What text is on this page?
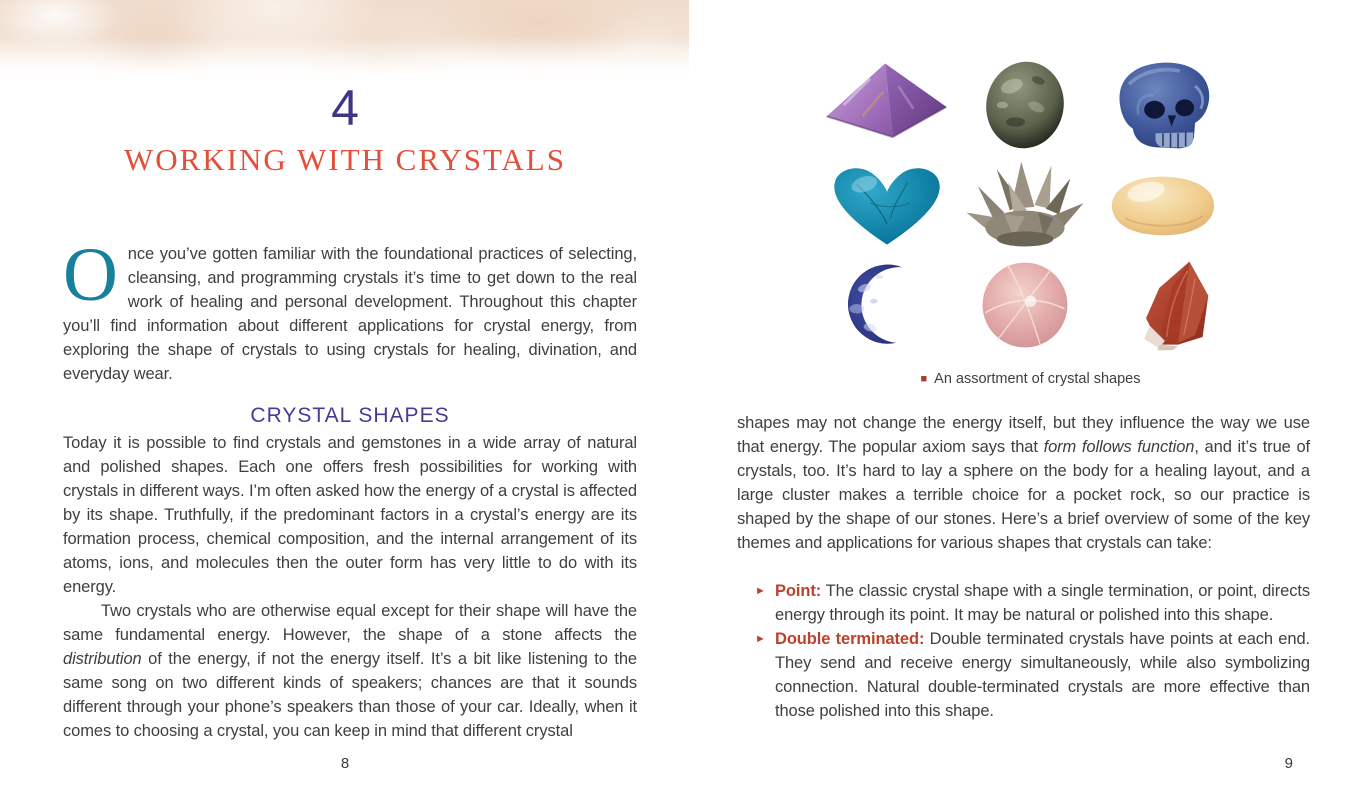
4
WORKING WITH CRYSTALS

Once you’ve gotten familiar with the foundational practices of selecting, cleansing, and programming crystals it’s time to get down to the real work of healing and personal development. Throughout this chapter you’ll find information about different applications for crystal energy, from exploring the shape of crystals to using crystals for healing, divination, and everyday wear.

CRYSTAL SHAPES

Today it is possible to find crystals and gemstones in a wide array of natural and polished shapes. Each one offers fresh possibilities for working with crystals in different ways. I’m often asked how the energy of a crystal is affected by its shape. Truthfully, if the predominant factors in a crystal’s energy are its formation process, chemical composition, and the internal arrangement of its atoms, ions, and molecules then the outer form has very little to do with its energy.

Two crystals who are otherwise equal except for their shape will have the same fundamental energy. However, the shape of a stone affects the distribution of the energy, if not the energy itself. It’s a bit like listening to the same song on two different kinds of speakers; chances are that it sounds different through your phone’s speakers than those of your car. Ideally, when it comes to choosing a crystal, you can keep in mind that different crystal

8
■ An assortment of crystal shapes

shapes may not change the energy itself, but they influence the way we use that energy. The popular axiom says that form follows function, and it’s true of crystals, too. It’s hard to lay a sphere on the body for a healing layout, and a large cluster makes a terrible choice for a pocket rock, so our practice is shaped by the shape of our stones. Here’s a brief overview of some of the key themes and applications for various shapes that crystals can take:

► Point: The classic crystal shape with a single termination, or point, directs energy through its point. It may be natural or polished into this shape.
► Double terminated: Double terminated crystals have points at each end. They send and receive energy simultaneously, while also symbolizing connection. Natural double-terminated crystals are more effective than those polished into this shape.
9
